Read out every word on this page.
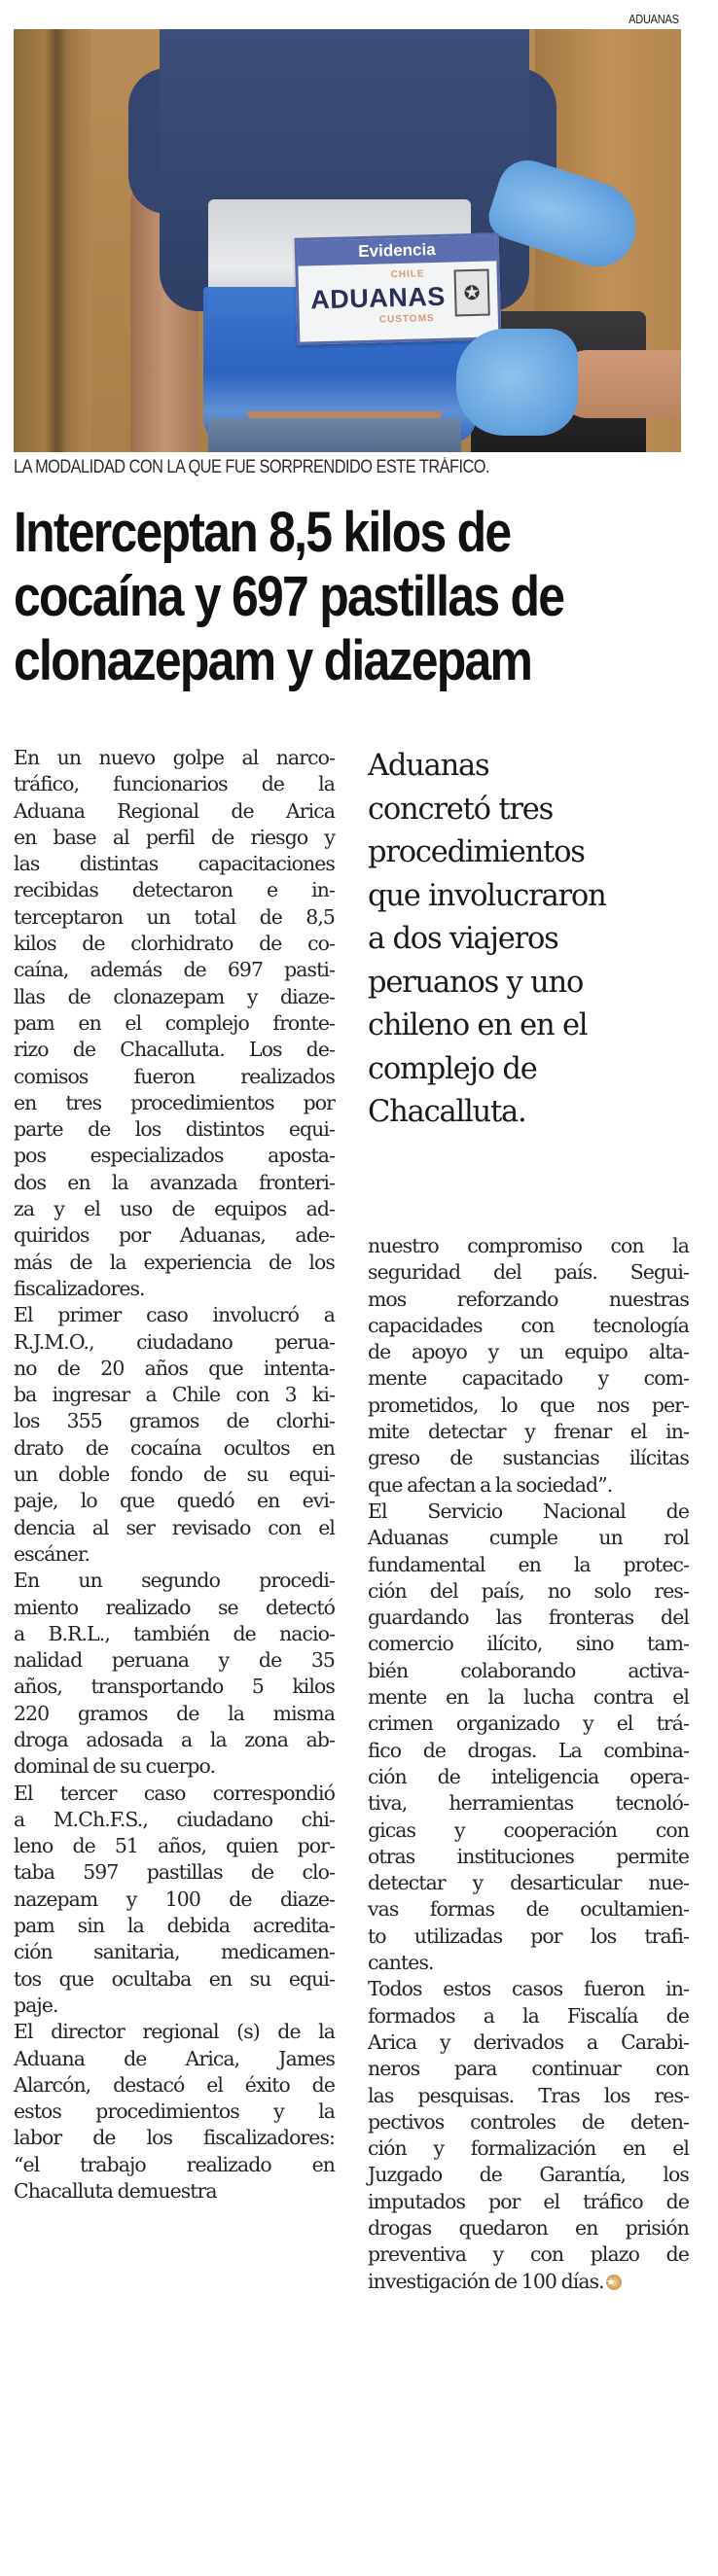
ADUANAS
Evidencia
CHILE
ADUANAS
CUSTOMS
✪
LA MODALIDAD CON LA QUE FUE SORPRENDIDO ESTE TRÁFICO.
Interceptan 8,5 kilos de
cocaína y 697 pastillas de
clonazepam y diazepam
En un nuevo golpe al narco-
tráfico, funcionarios de la
Aduana Regional de Arica
en base al perfil de riesgo y
las distintas capacitaciones
recibidas detectaron e in-
terceptaron un total de 8,5
kilos de clorhidrato de co-
caína, además de 697 pasti-
llas de clonazepam y diaze-
pam en el complejo fronte-
rizo de Chacalluta. Los de-
comisos fueron realizados
en tres procedimientos por
parte de los distintos equi-
pos especializados aposta-
dos en la avanzada fronteri-
za y el uso de equipos ad-
quiridos por Aduanas, ade-
más de la experiencia de los
fiscalizadores.
El primer caso involucró a
R.J.M.O., ciudadano perua-
no de 20 años que intenta-
ba ingresar a Chile con 3 ki-
los 355 gramos de clorhi-
drato de cocaína ocultos en
un doble fondo de su equi-
paje, lo que quedó en evi-
dencia al ser revisado con el
escáner.
En un segundo procedi-
miento realizado se detectó
a B.R.L., también de nacio-
nalidad peruana y de 35
años, transportando 5 kilos
220 gramos de la misma
droga adosada a la zona ab-
dominal de su cuerpo.
El tercer caso correspondió
a M.Ch.F.S., ciudadano chi-
leno de 51 años, quien por-
taba 597 pastillas de clo-
nazepam y 100 de diaze-
pam sin la debida acredita-
ción sanitaria, medicamen-
tos que ocultaba en su equi-
paje.
El director regional (s) de la
Aduana de Arica, James
Alarcón, destacó el éxito de
estos procedimientos y la
labor de los fiscalizadores:
“el trabajo realizado en
Chacalluta demuestra
Aduanas
concretó tres
procedimientos
que involucraron
a dos viajeros
peruanos y uno
chileno en en el
complejo de
Chacalluta.
nuestro compromiso con la
seguridad del país. Segui-
mos reforzando nuestras
capacidades con tecnología
de apoyo y un equipo alta-
mente capacitado y com-
prometidos, lo que nos per-
mite detectar y frenar el in-
greso de sustancias ilícitas
que afectan a la sociedad”.
El Servicio Nacional de
Aduanas cumple un rol
fundamental en la protec-
ción del país, no solo res-
guardando las fronteras del
comercio ilícito, sino tam-
bién colaborando activa-
mente en la lucha contra el
crimen organizado y el trá-
fico de drogas. La combina-
ción de inteligencia opera-
tiva, herramientas tecnoló-
gicas y cooperación con
otras instituciones permite
detectar y desarticular nue-
vas formas de ocultamien-
to utilizadas por los trafi-
cantes.
Todos estos casos fueron in-
formados a la Fiscalía de
Arica y derivados a Carabi-
neros para continuar con
las pesquisas. Tras los res-
pectivos controles de deten-
ción y formalización en el
Juzgado de Garantía, los
imputados por el tráfico de
drogas quedaron en prisión
preventiva y con plazo de
investigación de 100 días. ★
